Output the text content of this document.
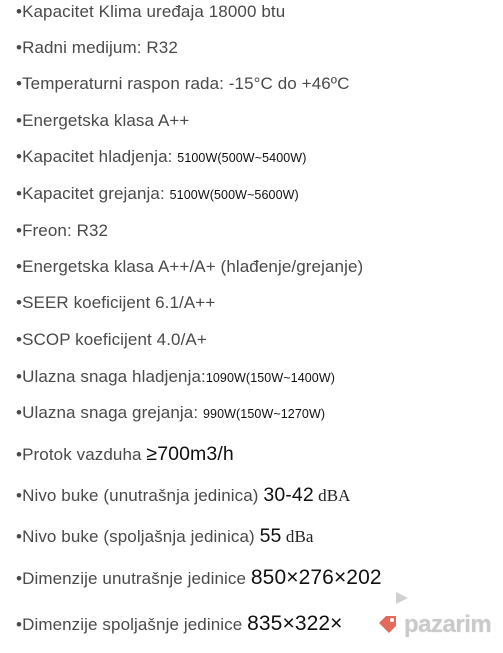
•Kapacitet Klima uređaja 18000 btu
•Radni medijum: R32
•Temperaturni raspon rada: -15°C do +46ºC
•Energetska klasa A++
•Kapacitet hladjenja: 5100W(500W~5400W)
•Kapacitet grejanja: 5100W(500W~5600W)
•Freon: R32
•Energetska klasa A++/A+ (hlađenje/grejanje)
•SEER koeficijent 6.1/A++
•SCOP koeficijent 4.0/A+
•Ulazna snaga hladjenja:1090W(150W~1400W)
•Ulazna snaga grejanja: 990W(150W~1270W)
•Protok vazduha ≥700m3/h
•Nivo buke (unutrašnja jedinica) 30-42 dBA
•Nivo buke (spoljašnja jedinica) 55 dBa
•Dimenzije unutrašnje jedinice 850×276×202
•Dimenzije spoljašnje jedinice 835×322×	pazarim
